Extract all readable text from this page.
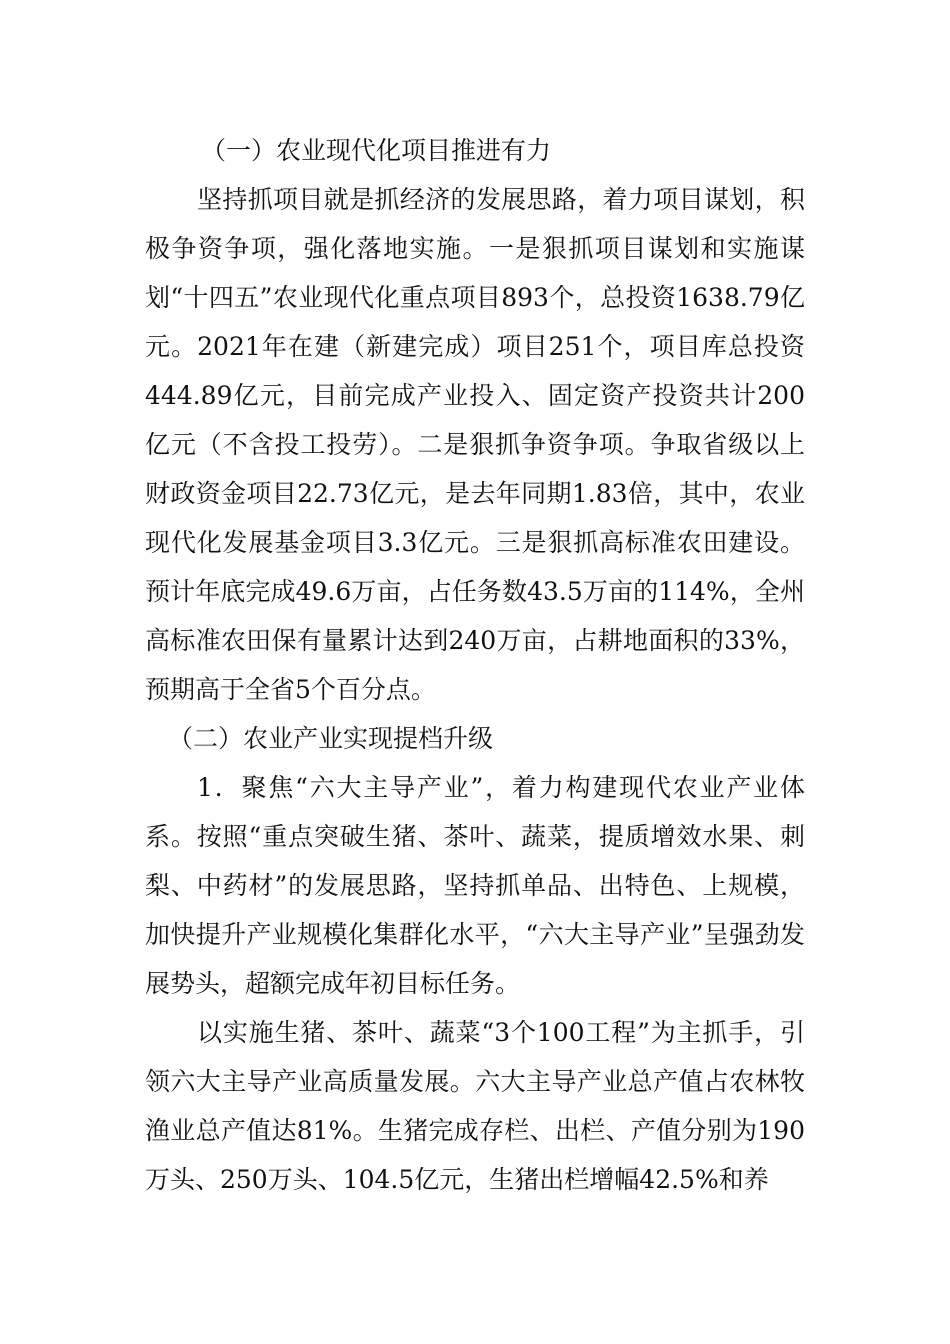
（一）农业现代化项目推进有力

坚持抓项目就是抓经济的发展思路，着力项目谋划，积极争资争项，强化落地实施。一是狠抓项目谋划和实施谋划“十四五”农业现代化重点项目893个，总投资1638.79亿元。2021年在建（新建完成）项目251个，项目库总投资444.89亿元，目前完成产业投入、固定资产投资共计200亿元（不含投工投劳）。二是狠抓争资争项。争取省级以上财政资金项目22.73亿元，是去年同期1.83倍，其中，农业现代化发展基金项目3.3亿元。三是狠抓高标准农田建设。预计年底完成49.6万亩，占任务数43.5万亩的114%，全州高标准农田保有量累计达到240万亩，占耕地面积的33%，预期高于全省5个百分点。

（二）农业产业实现提档升级

1．聚焦“六大主导产业”，着力构建现代农业产业体系。按照“重点突破生猪、茶叶、蔬菜，提质增效水果、刺梨、中药材”的发展思路，坚持抓单品、出特色、上规模，加快提升产业规模化集群化水平，“六大主导产业”呈强劲发展势头，超额完成年初目标任务。

以实施生猪、茶叶、蔬菜“3个100工程”为主抓手，引领六大主导产业高质量发展。六大主导产业总产值占农林牧渔业总产值达81%。生猪完成存栏、出栏、产值分别为190万头、250万头、104.5亿元，生猪出栏增幅42.5%和养
